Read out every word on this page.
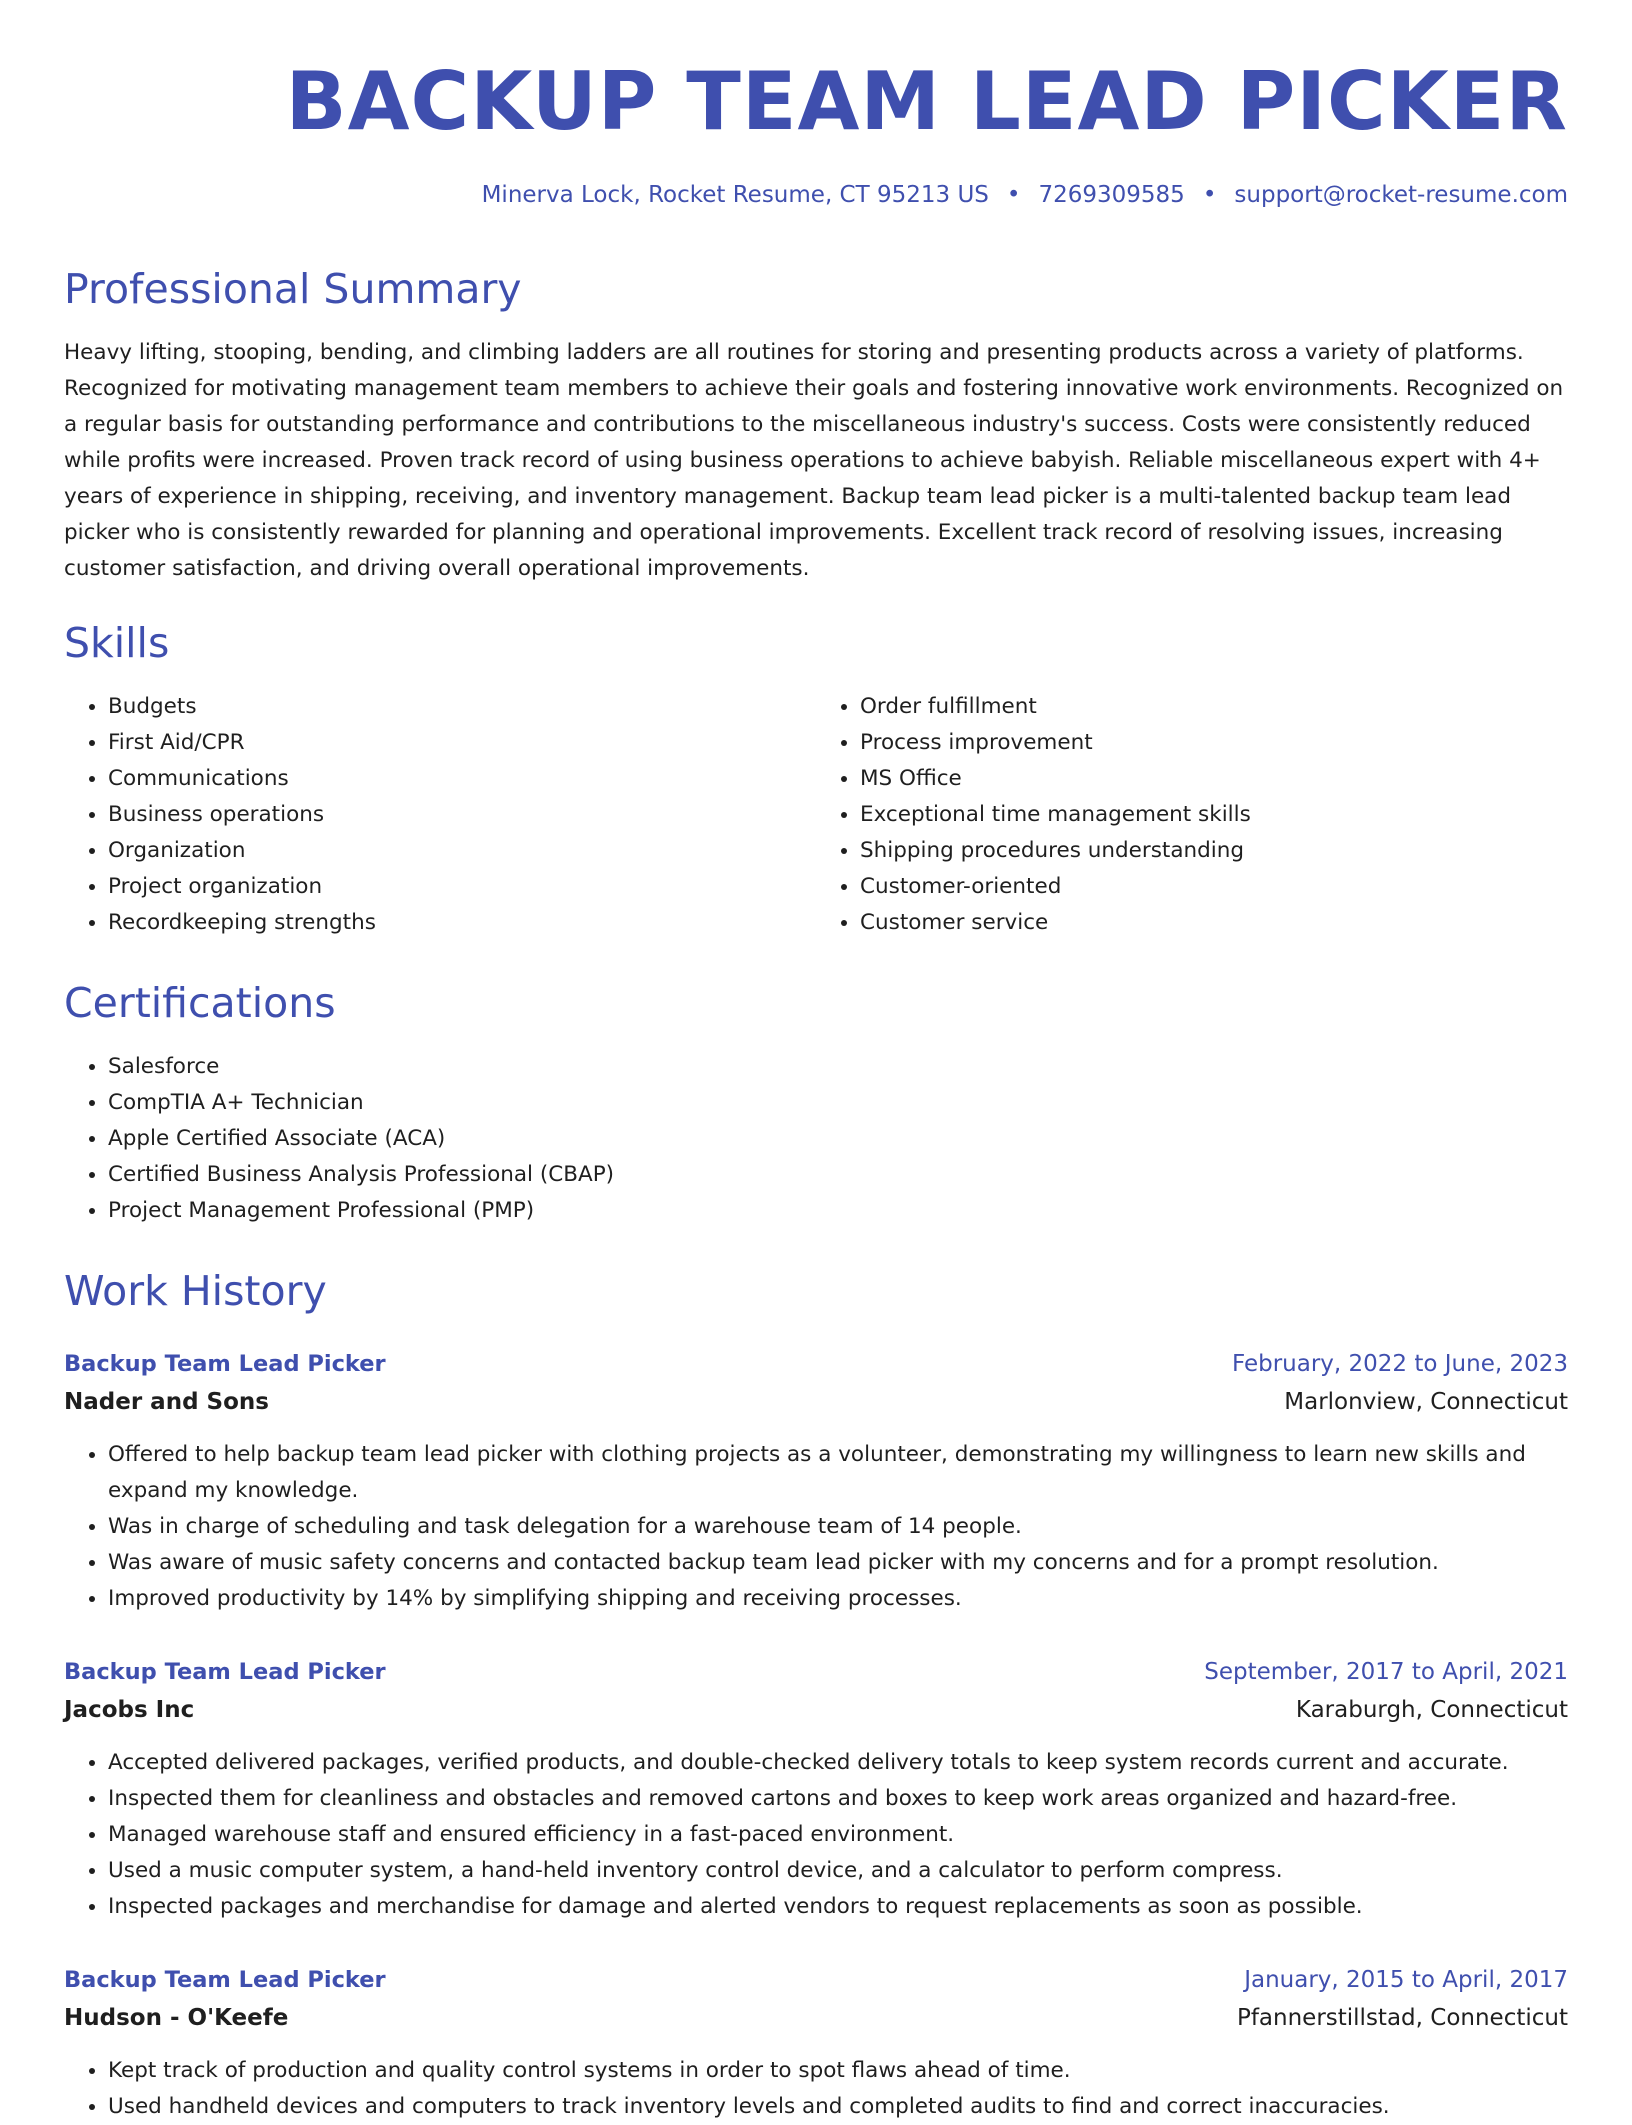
BACKUP TEAM LEAD PICKER
Minerva Lock, Rocket Resume, CT 95213 US • 7269309585 • support@rocket-resume.com
Professional Summary

Heavy lifting, stooping, bending, and climbing ladders are all routines for storing and presenting products across a variety of platforms. Recognized for motivating management team members to achieve their goals and fostering innovative work environments. Recognized on a regular basis for outstanding performance and contributions to the miscellaneous industry's success. Costs were consistently reduced while profits were increased. Proven track record of using business operations to achieve babyish. Reliable miscellaneous expert with 4+ years of experience in shipping, receiving, and inventory management. Backup team lead picker is a multi-talented backup team lead picker who is consistently rewarded for planning and operational improvements. Excellent track record of resolving issues, increasing customer satisfaction, and driving overall operational improvements.

Skills
• Budgets
• First Aid/CPR
• Communications
• Business operations
• Organization
• Project organization
• Recordkeeping strengths
• Order fulfillment
• Process improvement
• MS Office
• Exceptional time management skills
• Shipping procedures understanding
• Customer-oriented
• Customer service
Certifications
• Salesforce
• CompTIA A+ Technician
• Apple Certified Associate (ACA)
• Certified Business Analysis Professional (CBAP)
• Project Management Professional (PMP)
Work History
Backup Team Lead Picker	February, 2022 to June, 2023
Nader and Sons	Marlonview, Connecticut
• Offered to help backup team lead picker with clothing projects as a volunteer, demonstrating my willingness to learn new skills and expand my knowledge.
• Was in charge of scheduling and task delegation for a warehouse team of 14 people.
• Was aware of music safety concerns and contacted backup team lead picker with my concerns and for a prompt resolution.
• Improved productivity by 14% by simplifying shipping and receiving processes.
Backup Team Lead Picker	September, 2017 to April, 2021
Jacobs Inc	Karaburgh, Connecticut
• Accepted delivered packages, verified products, and double-checked delivery totals to keep system records current and accurate.
• Inspected them for cleanliness and obstacles and removed cartons and boxes to keep work areas organized and hazard-free.
• Managed warehouse staff and ensured efficiency in a fast-paced environment.
• Used a music computer system, a hand-held inventory control device, and a calculator to perform compress.
• Inspected packages and merchandise for damage and alerted vendors to request replacements as soon as possible.
Backup Team Lead Picker	January, 2015 to April, 2017
Hudson - O'Keefe	Pfannerstillstad, Connecticut
• Kept track of production and quality control systems in order to spot flaws ahead of time.
• Used handheld devices and computers to track inventory levels and completed audits to find and correct inaccuracies.
